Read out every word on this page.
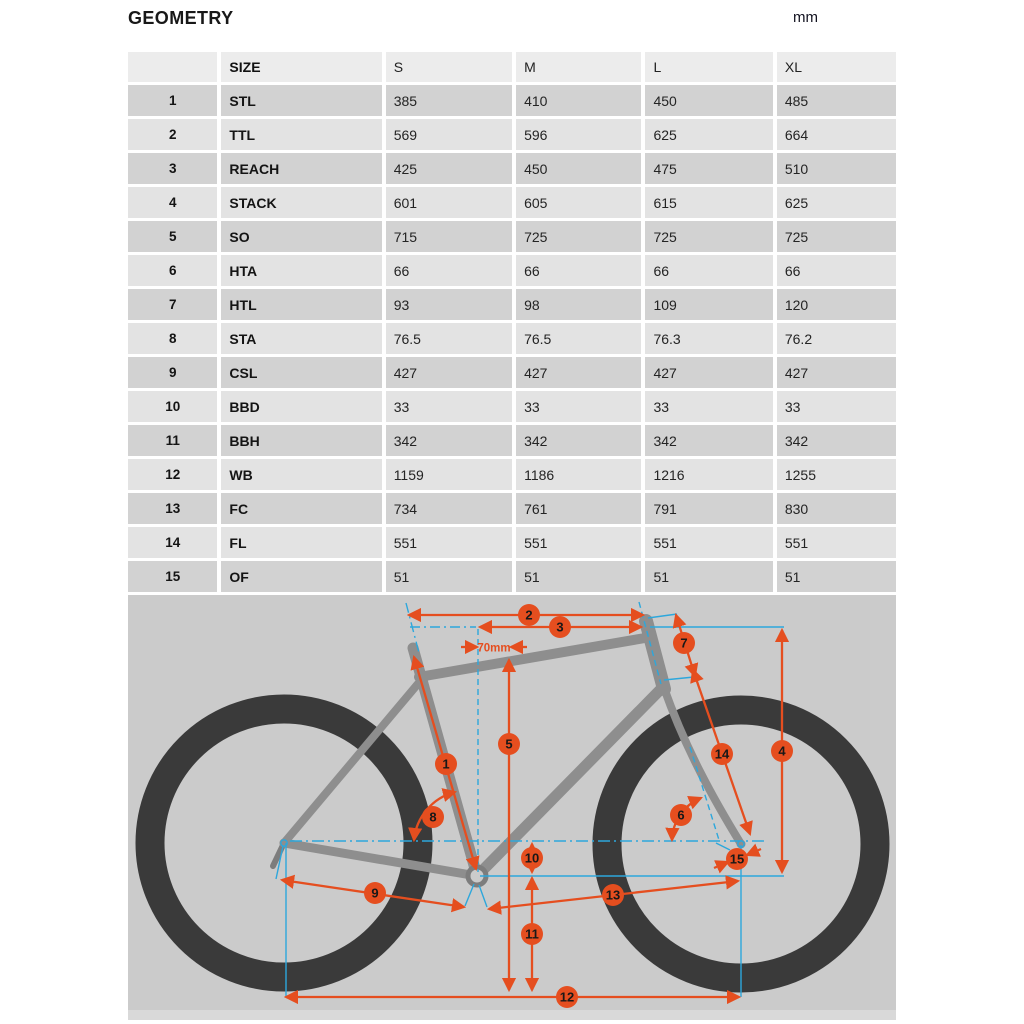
GEOMETRY	mm
	SIZE	S	M	L	XL
1	STL	385	410	450	485
2	TTL	569	596	625	664
3	REACH	425	450	475	510
4	STACK	601	605	615	625
5	SO	715	725	725	725
6	HTA	66	66	66	66
7	HTL	93	98	109	120
8	STA	76.5	76.5	76.3	76.2
9	CSL	427	427	427	427
10	BBD	33	33	33	33
11	BBH	342	342	342	342
12	WB	1159	1186	1216	1255
13	FC	734	761	791	830
14	FL	551	551	551	551
15	OF	51	51	51	51
70mm
1
2
3
4
5
6
7
8
9
10
11
12
13
14
15
